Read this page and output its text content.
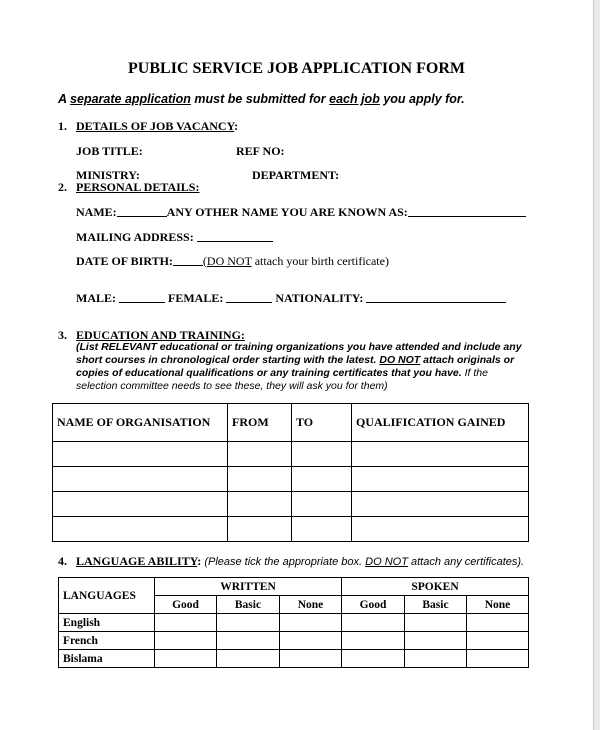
PUBLIC SERVICE JOB APPLICATION FORM
A separate application must be submitted for each job you apply for.
1. DETAILS OF JOB VACANCY:
JOB TITLE:	REF NO:
MINISTRY:	DEPARTMENT:
2. PERSONAL DETAILS:
NAME:	ANY OTHER NAME YOU ARE KNOWN AS:
MAILING ADDRESS:
DATE OF BIRTH:	(DO NOT attach your birth certificate)
MALE:	FEMALE:	NATIONALITY:
3. EDUCATION AND TRAINING:
(List RELEVANT educational or training organizations you have attended and include any
short courses in chronological order starting with the latest. DO NOT attach originals or
copies of educational qualifications or any training certificates that you have. If the
selection committee needs to see these, they will ask you for them)
NAME OF ORGANISATION	FROM	TO	QUALIFICATION GAINED

4. LANGUAGE ABILITY: (Please tick the appropriate box. DO NOT attach any certificates).
LANGUAGES	WRITTEN			SPOKEN		
	Good	Basic	None	Good	Basic	None
English						
French						
Bislama						
